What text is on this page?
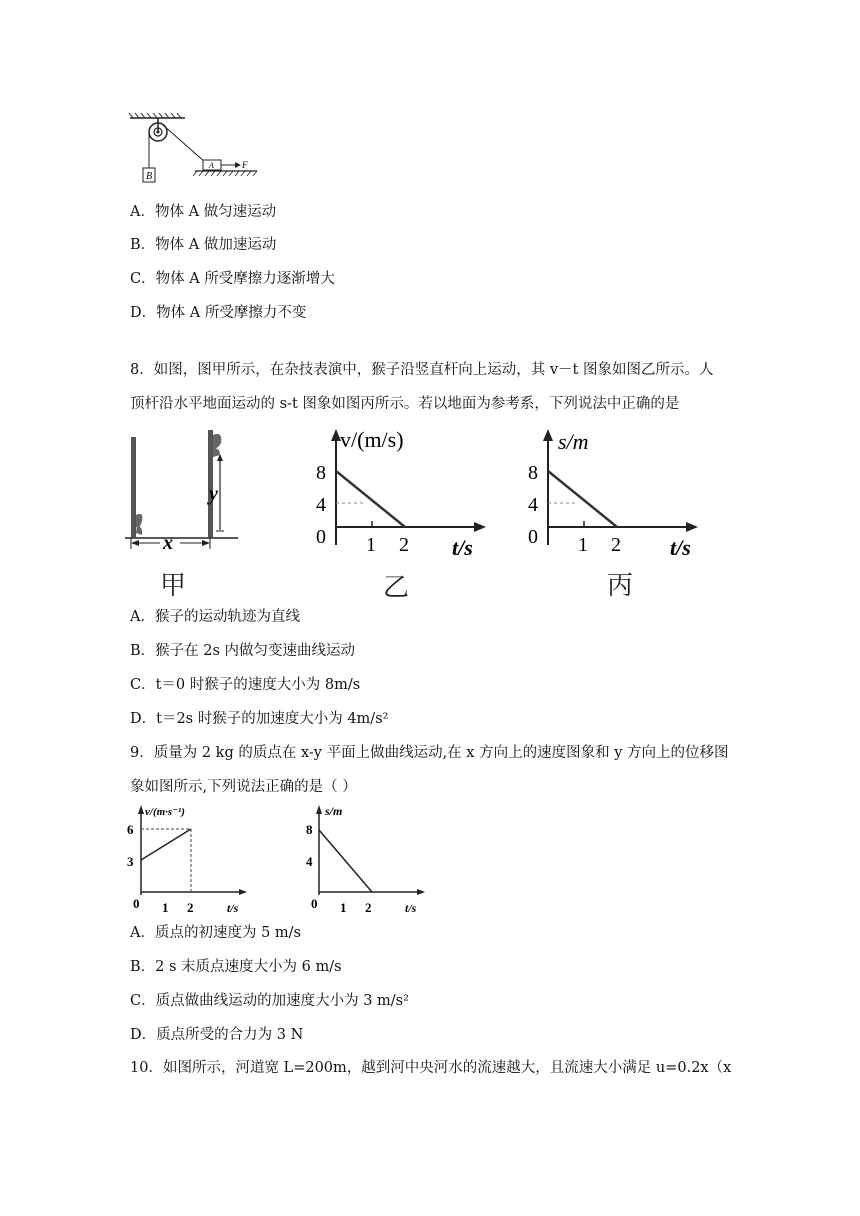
B
A	F
A．物体 A 做匀速运动
B．物体 A 做加速运动
C．物体 A 所受摩擦力逐渐增大
D．物体 A 所受摩擦力不变
8．如图，图甲所示，在杂技表演中，猴子沿竖直杆向上运动，其 v－t 图象如图乙所示。人
顶杆沿水平地面运动的 s-t 图象如图丙所示。若以地面为参考系，下列说法中正确的是
x
y
甲
v/(m/s)
8
4
0 1 2 t/s
乙
s/m
8
4
0 1 2 t/s
丙
A．猴子的运动轨迹为直线
B．猴子在 2s 内做匀变速曲线运动
C．t＝0 时猴子的速度大小为 8m/s
D．t＝2s 时猴子的加速度大小为 4m/s²
9．质量为 2 kg 的质点在 x-y 平面上做曲线运动,在 x 方向上的速度图象和 y 方向上的位移图
象如图所示,下列说法正确的是（ ）
v/(m·s⁻¹)
6
3
0 1 2	t/s
s/m
8
4
0 1 2	t/s
A．质点的初速度为 5 m/s
B．2 s 末质点速度大小为 6 m/s
C．质点做曲线运动的加速度大小为 3 m/s²
D．质点所受的合力为 3 N
10．如图所示，河道宽 L=200m，越到河中央河水的流速越大，且流速大小满足 u=0.2x（x
